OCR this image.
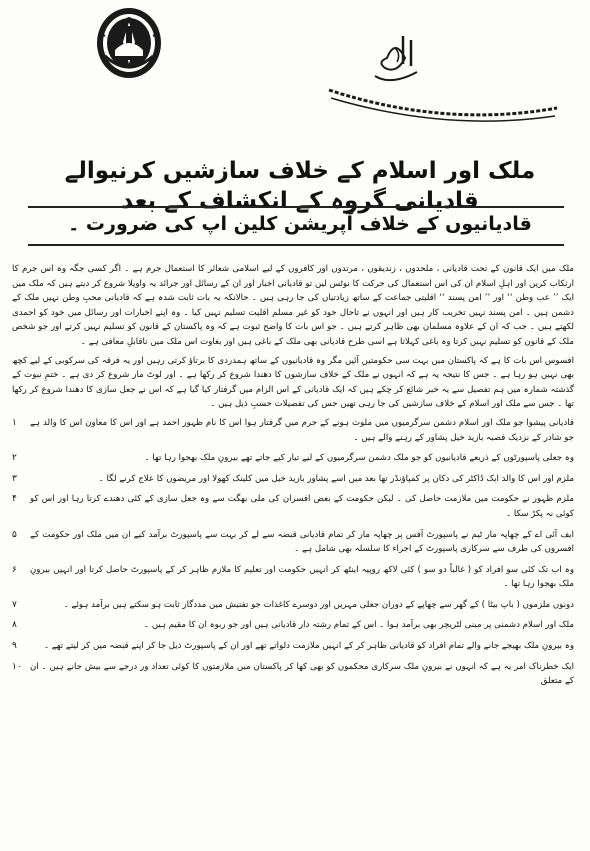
ملک اور اسلام کے خلاف سازشیں کرنیوالے قادیانی گروہ کے انکشاف کے بعد
قادیانیوں کے خلاف آپریشن کلین اپ کی ضرورت ۔

ملک میں ایک قانون کے تحت قادیانی ، ملحدوں ، زندیقوں ، مرتدوں اور کافروں کے لیے اسلامی شعائر کا استعمال جرم ہے ۔ اگر کسی جگہ وہ اس جرم کا ارتکاب کریں اور اہلِ اسلام ان کی اس استعمال کی حرکت کا نوٹس لیں تو قادیانی اخبار اور ان کے رسائل اور جرائد یہ واویلا شروع کر دیتے ہیں کہ ملک میں ایک ’’ عب وطن ‘‘ اور ’’ امن پسند ‘‘ اقلیتی جماعت کے ساتھ زیادتیاں کی جا رہی ہیں ۔ حالانکہ یہ بات ثابت شدہ ہے کہ قادیانی محبِ وطن نہیں ملک کے دشمن ہیں ۔ امن پسند نہیں تخریب کار ہیں اور انہوں نے تاحال خود کو غیر مسلم اقلیت تسلیم نہیں کیا ۔ وہ اپنے اخبارات اور رسائل میں خود کو احمدی لکھتے ہیں ۔ جب کہ ان کے علاوہ مسلمان بھی ظاہر کرتے ہیں ۔ جو اس بات کا واضح ثبوت ہے کہ وہ پاکستان کے قانون کو تسلیم نہیں کرتے اور جو شخص ملک کے قانون کو تسلیم نہیں کرتا وہ باغی کہلاتا ہے اسی طرح قادیانی بھی ملک کے باغی ہیں اور بغاوت اس ملک میں ناقابلِ معافی ہے ۔

افسوس اس بات کا ہے کہ پاکستان میں بہت سی حکومتیں آئیں مگر وہ قادیانیوں کے ساتھ ہمدردی کا برتاؤ کرتی رہیں اور یہ فرقہ کی سرکوبی کے لیے کچھ بھی نہیں ہو رہا ہے ۔ جس کا نتیجہ یہ ہے کہ انہوں نے ملک کے خلاف سازشوں کا دھندا شروع کر رکھا ہے ۔ اور لوٹ مار شروع کر دی ہے ۔ ختمِ نبوت کے گذشتہ شمارہ میں ہم تفصیل سے یہ خبر شائع کر چکے ہیں کہ ایک قادیانی کے اس الزام میں گرفتار کیا گیا ہے کہ اس نے جعل سازی کا دھندا شروع کر رکھا تھا ۔ جس سے ملک اور اسلام کے خلاف سازشیں کی جا رہی تھیں جس کی تفصیلات حسبِ ذیل ہیں ۔

۱	قادیانی پیشوا جو ملک اور اسلام دشمن سرگرمیوں میں ملوث ہونے کے جرم میں گرفتار ہوا اس کا نام ظہور احمد ہے اور اس کا معاون اس کا والد ہے جو شادر کے نزدیک قصبہ بازید خیل پشاور کے رہنے والے ہیں ۔
۲	وہ جعلی پاسپورٹوں کے ذریعے قادیانیوں کو جو ملک دشمن سرگرمیوں کے لیے تیار کیے جاتے تھے بیرونِ ملک بھجوا رہا تھا ۔
۳	ملزم اور اس کا والد ایک ڈاکٹر کی دکان پر کمپاؤنڈر تھا بعد میں اسے پشاور بازید خیل میں کلینک کھولا اور مریضوں کا علاج کرنے لگا ۔
۴	ملزم ظہور نے حکومت میں ملازمت حاصل کی ۔ لیکن حکومت کے بعض افسران کی ملی بھگت سے وہ جعل سازی کے کئی دھندے کرتا رہا اور اس کو کوئی نہ پکڑ سکا ۔
۵	ایف آئی اے کے چھاپہ مار ٹیم نے پاسپورٹ آفس پر چھاپہ مار کر تمام قادیانی قبضہ سے لے کر بہت سے پاسپورٹ برآمد کیے ان میں ملک اور حکومت کے افسروں کی طرف سے سرکاری پاسپورٹ کے اجراء کا سلسلہ بھی شامل ہے ۔
۶	وہ اب تک کئی سو افراد کو ( غالباً دو سو ) کئی لاکھ روپیہ اینٹھ کر انہیں حکومت اور تعلیم کا ملازم ظاہر کر کے پاسپورٹ حاصل کرتا اور انہیں بیرونِ ملک بھجوا رہا تھا ۔
۷	دونوں ملزموں ( باپ بیٹا ) کے گھر سے چھاپے کے دوران جعلی مہریں اور دوسرے کاغذات جو تفتیش میں مددگار ثابت ہو سکتے ہیں برآمد ہوئے ۔
۸	ملک اور اسلام دشمنی پر مبنی لٹریچر بھی برآمد ہوا ۔ اس کے تمام رشتہ دار قادیانی ہیں اور جو ربوہ ان کا مقیم ہیں ۔
۹	وہ بیرونِ ملک بھیجے جانے والے تمام افراد کو قادیانی ظاہر کر کے انہیں ملازمت دلواتے تھے اور ان کے پاسپورٹ ذیل جا کر اپنے قبضہ میں کر لیتے تھے ۔
۱۰ ایک خطرناک امر یہ ہے کہ انہوں نے بیرونِ ملک سرکاری محکموں کو بھی کھا کر پاکستان میں ملازمتوں کا کوئی تعداد ور درجے سے بیش جانے ہیں ۔ ان کے متعلق
